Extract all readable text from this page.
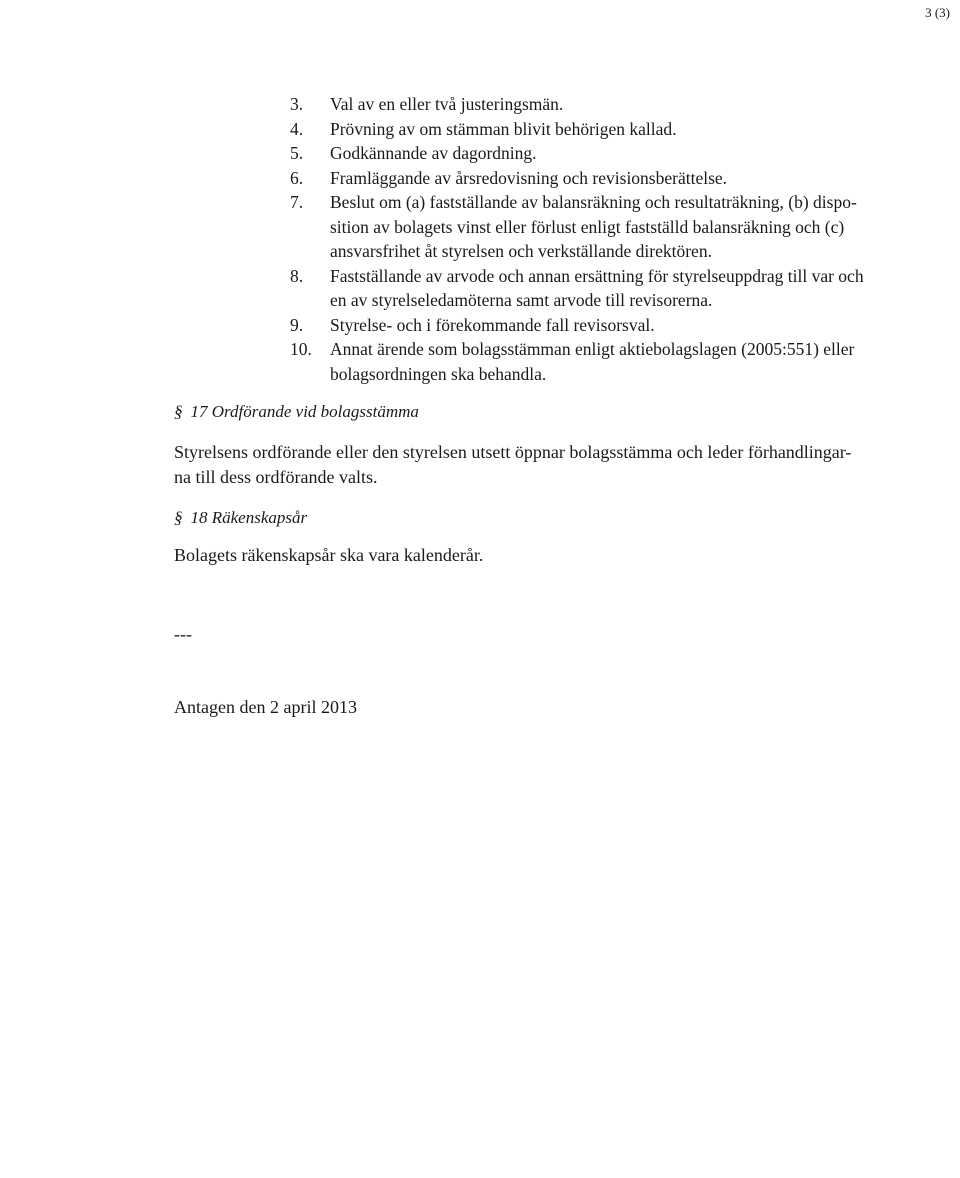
3 (3)
3.	Val av en eller två justeringsmän.
4.	Prövning av om stämman blivit behörigen kallad.
5.	Godkännande av dagordning.
6.	Framläggande av årsredovisning och revisionsberättelse.
7.	Beslut om (a) fastställande av balansräkning och resultaträkning, (b) dispo-
sition av bolagets vinst eller förlust enligt fastställd balansräkning och (c)
ansvarsfrihet åt styrelsen och verkställande direktören.
8.	Fastställande av arvode och annan ersättning för styrelseuppdrag till var och
en av styrelseledamöterna samt arvode till revisorerna.
9.	Styrelse- och i förekommande fall revisorsval.
10.	Annat ärende som bolagsstämman enligt aktiebolagslagen (2005:551) eller
bolagsordningen ska behandla.
§ 17 Ordförande vid bolagsstämma

Styrelsens ordförande eller den styrelsen utsett öppnar bolagsstämma och leder förhandlingar-
na till dess ordförande valts.

§ 18 Räkenskapsår

Bolagets räkenskapsår ska vara kalenderår.

---

Antagen den 2 april 2013
